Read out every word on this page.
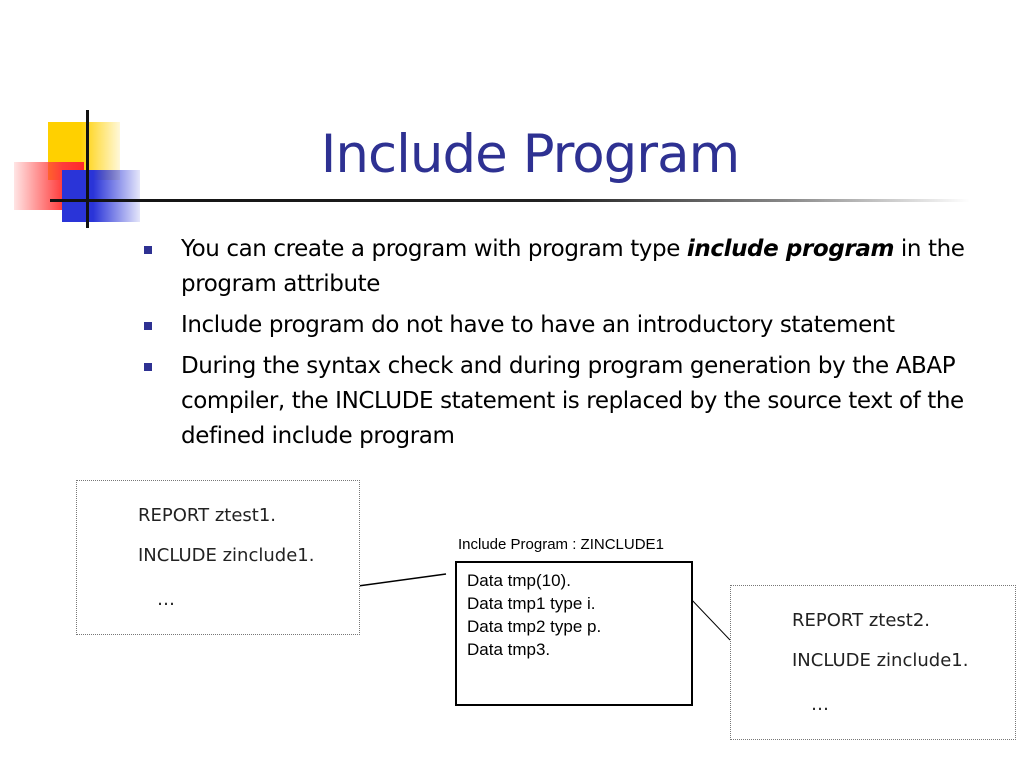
Include Program
You can create a program with program type include program in the program attribute
Include program do not have to have an introductory statement
During the syntax check and during program generation by the ABAP compiler, the INCLUDE statement is replaced by the source text of the defined include program
REPORT ztest1.
INCLUDE zinclude1.
…
Include Program : ZINCLUDE1
Data tmp(10).
Data tmp1 type i.
Data tmp2 type p.
Data tmp3.
REPORT ztest2.
INCLUDE zinclude1.
…
